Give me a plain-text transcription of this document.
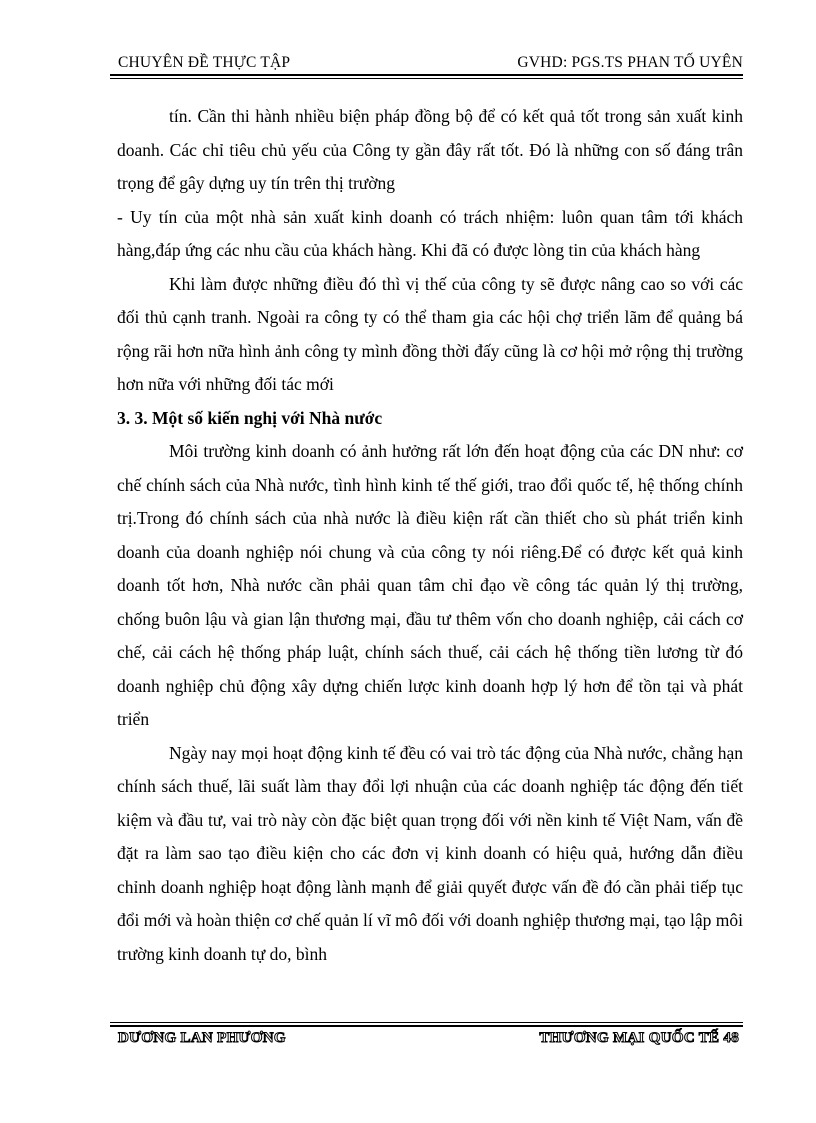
CHUYÊN ĐỀ THỰC TẬP	GVHD: PGS.TS PHAN TỐ UYÊN

tín. Cần thi hành nhiều biện pháp đồng bộ để có kết quả tốt trong sản xuất kinh doanh. Các chỉ tiêu chủ yếu của Công ty gần đây rất tốt. Đó là những con số đáng trân trọng để gây dựng uy tín trên thị trường

- Uy tín của một nhà sản xuất kinh doanh có trách nhiệm: luôn quan tâm tới khách hàng,đáp ứng các nhu cầu của khách hàng. Khi đã có được lòng tin của khách hàng

Khi làm được những điều đó thì vị thế của công ty sẽ được nâng cao so với các đối thủ cạnh tranh. Ngoài ra công ty có thể tham gia các hội chợ triển lãm để quảng bá rộng rãi hơn nữa hình ảnh công ty mình đồng thời đấy cũng là cơ hội mở rộng thị trường hơn nữa với những đối tác mới

3. 3. Một số kiến nghị với Nhà nước

Môi trường kinh doanh có ảnh hưởng rất lớn đến hoạt động của các DN như: cơ chế chính sách của Nhà nước, tình hình kinh tế thế giới, trao đổi quốc tế, hệ thống chính trị.Trong đó chính sách của nhà nước là điều kiện rất cần thiết cho sù phát triển kinh doanh của doanh nghiệp nói chung và của công ty nói riêng.Để có được kết quả kinh doanh tốt hơn, Nhà nước cần phải quan tâm chỉ đạo về công tác quản lý thị trường, chống buôn lậu và gian lận thương mại, đầu tư thêm vốn cho doanh nghiệp, cải cách cơ chế, cải cách hệ thống pháp luật, chính sách thuế, cải cách hệ thống tiền lương từ đó doanh nghiệp chủ động xây dựng chiến lược kinh doanh hợp lý hơn để tồn tại và phát triển

Ngày nay mọi hoạt động kinh tế đều có vai trò tác động của Nhà nước, chẳng hạn chính sách thuế, lãi suất làm thay đổi lợi nhuận của các doanh nghiệp tác động đến tiết kiệm và đầu tư, vai trò này còn đặc biệt quan trọng đối với nền kinh tế Việt Nam, vấn đề đặt ra làm sao tạo điều kiện cho các đơn vị kinh doanh có hiệu quả, hướng dẫn điều chỉnh doanh nghiệp hoạt động lành mạnh để giải quyết được vấn đề đó cần phải tiếp tục đổi mới và hoàn thiện cơ chế quản lí vĩ mô đối với doanh nghiệp thương mại, tạo lập môi trường kinh doanh tự do, bình

DƯƠNG LAN PHƯƠNG	THƯƠNG MẠI QUỐC TẾ 48
